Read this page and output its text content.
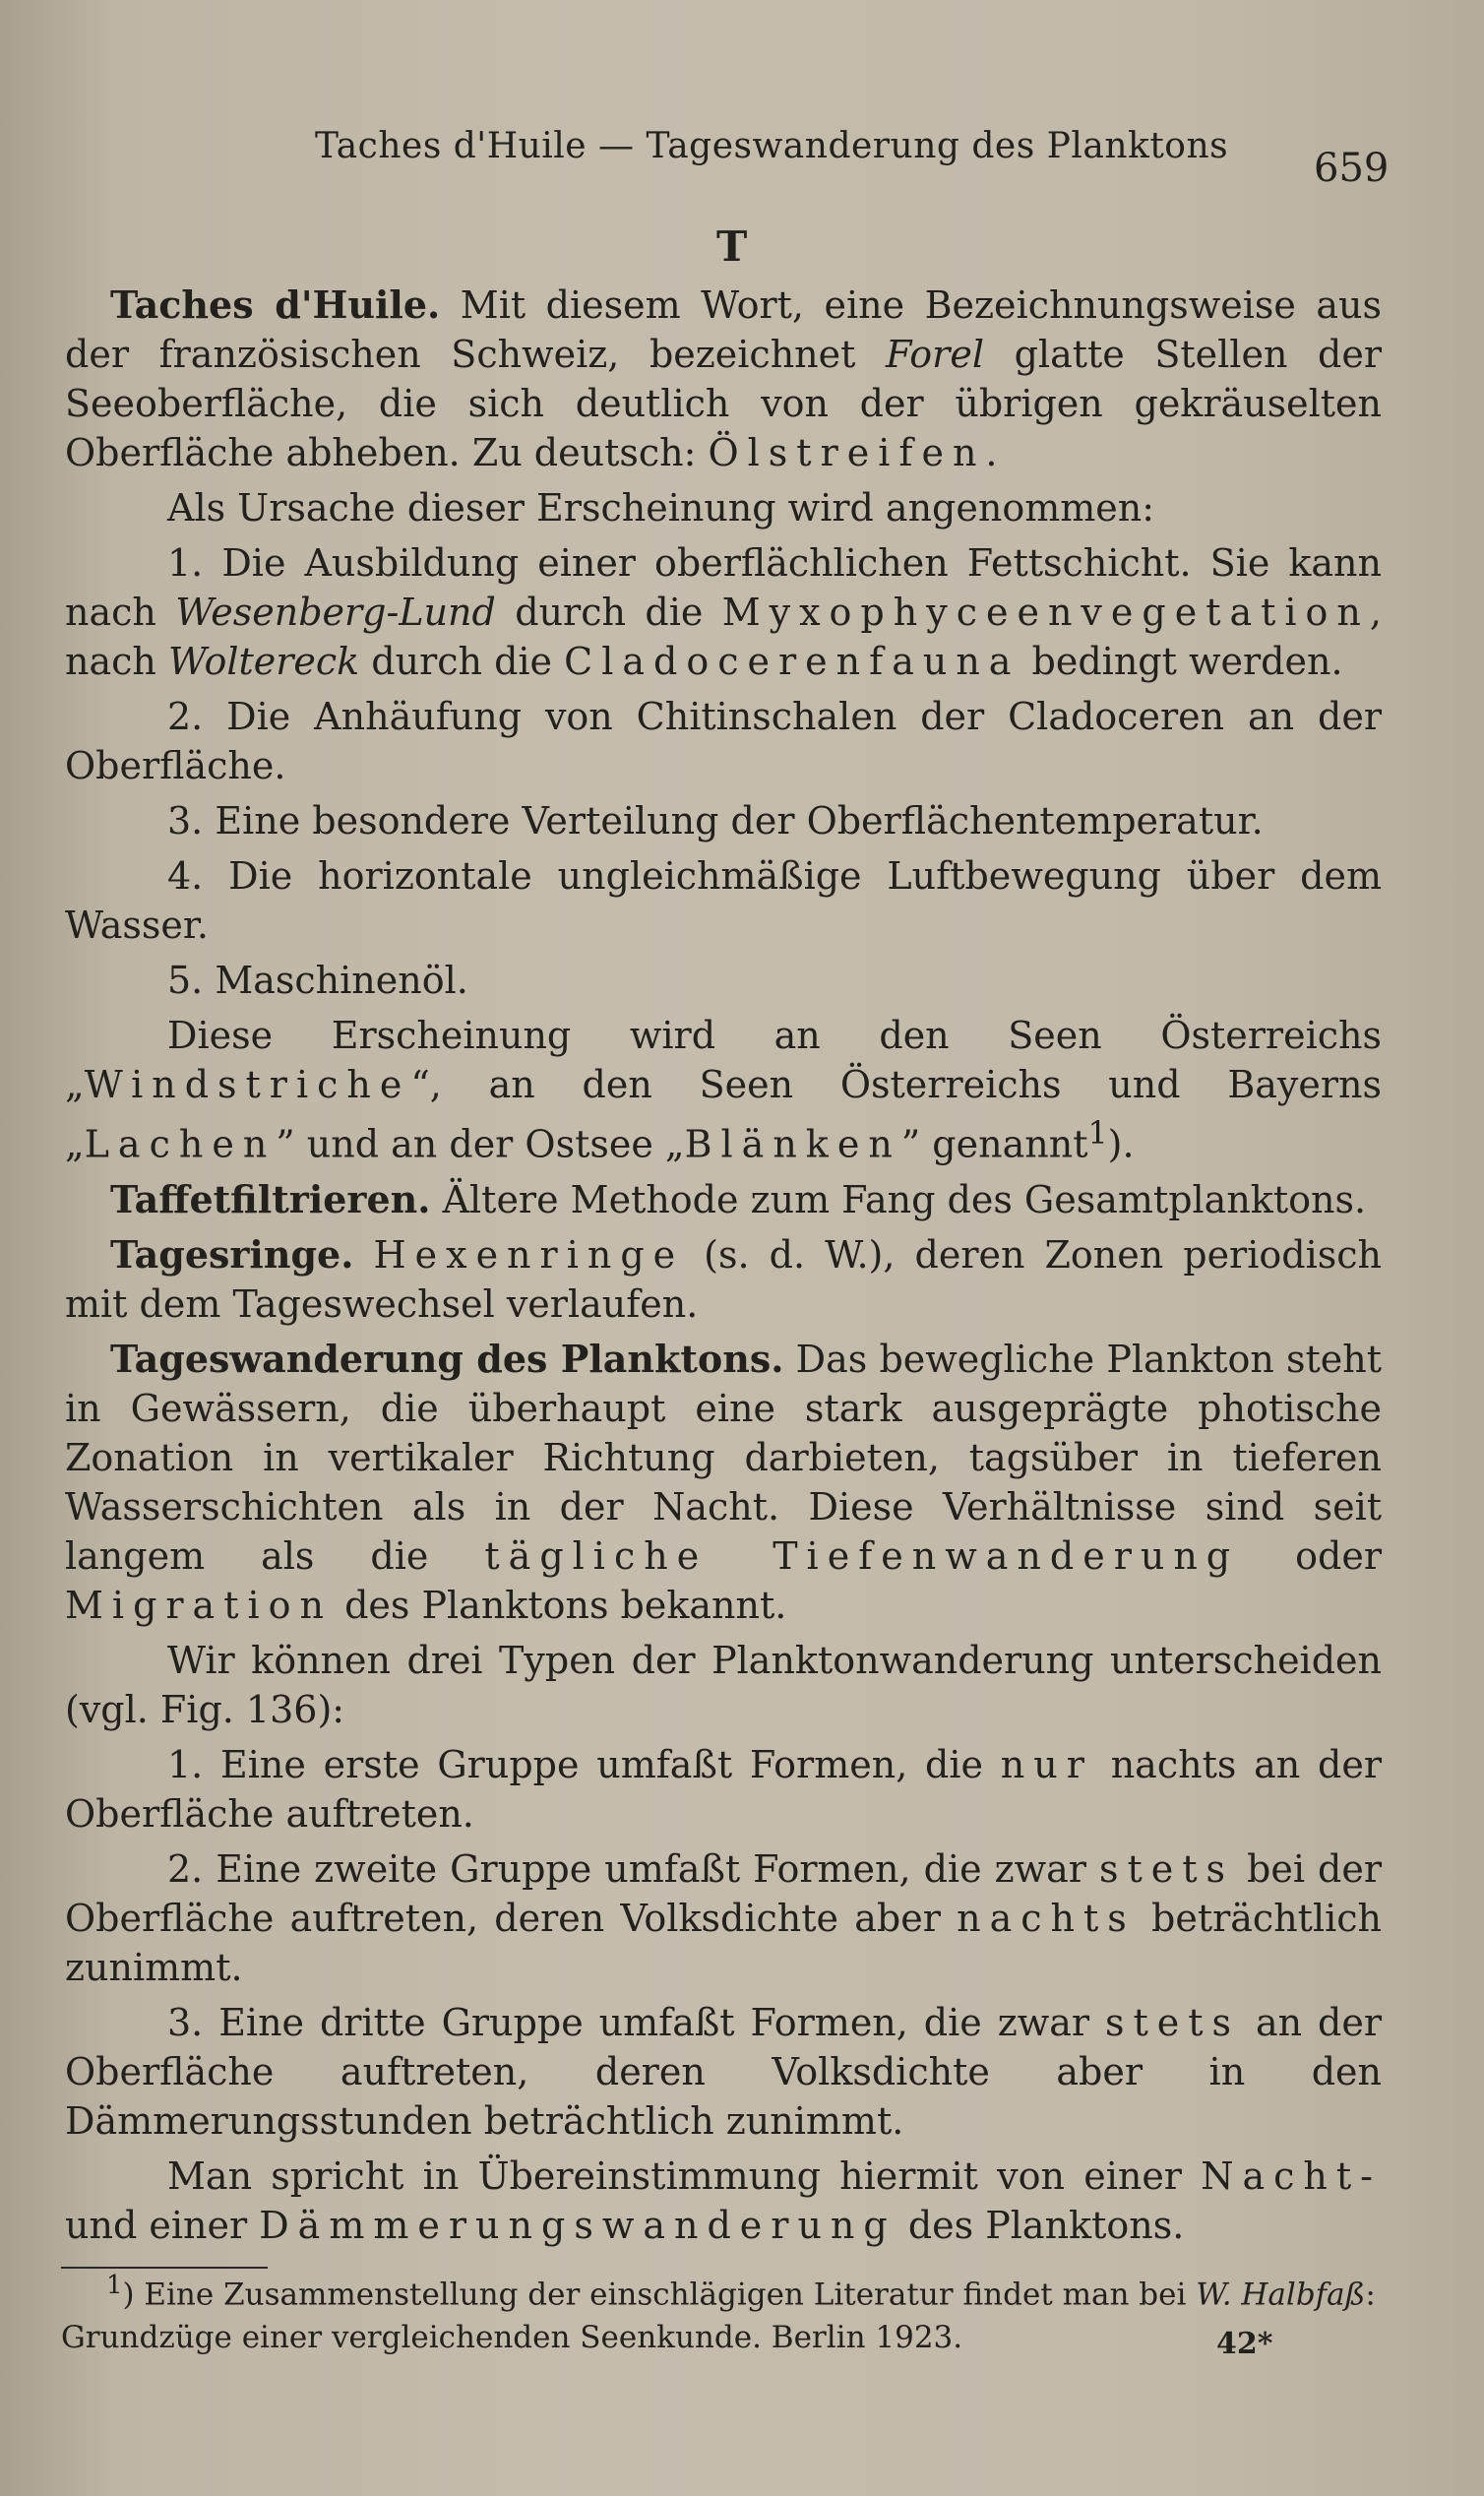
Taches d'Huile — Tageswanderung des Planktons 659
T

Taches d'Huile. Mit diesem Wort, eine Bezeichnungsweise aus der französischen Schweiz, bezeichnet Forel glatte Stellen der Seeoberfläche, die sich deutlich von der übrigen gekräuselten Oberfläche abheben. Zu deutsch: Ölstreifen.

Als Ursache dieser Erscheinung wird angenommen:

1. Die Ausbildung einer oberflächlichen Fettschicht. Sie kann nach Wesenberg-Lund durch die Myxophyceenvegetation, nach Woltereck durch die Cladocerenfauna bedingt werden.

2. Die Anhäufung von Chitinschalen der Cladoceren an der Oberfläche.

3. Eine besondere Verteilung der Oberflächentemperatur.

4. Die horizontale ungleichmäßige Luftbewegung über dem Wasser.

5. Maschinenöl.

Diese Erscheinung wird an den Seen Österreichs „Windstriche“, an den Seen Österreichs und Bayerns „Lachen” und an der Ostsee „Blänken” genannt$^1$).

Taffetfiltrieren. Ältere Methode zum Fang des Gesamtplanktons.

Tagesringe. Hexenringe (s. d. W.), deren Zonen periodisch mit dem Tageswechsel verlaufen.

Tageswanderung des Planktons. Das bewegliche Plankton steht in Gewässern, die überhaupt eine stark ausgeprägte photische Zonation in vertikaler Richtung darbieten, tagsüber in tieferen Wasserschichten als in der Nacht. Diese Verhältnisse sind seit langem als die tägliche Tiefenwanderung oder Migration des Planktons bekannt.

Wir können drei Typen der Planktonwanderung unterscheiden (vgl. Fig. 136):

1. Eine erste Gruppe umfaßt Formen, die nur nachts an der Oberfläche auftreten.

2. Eine zweite Gruppe umfaßt Formen, die zwar stets bei der Oberfläche auftreten, deren Volksdichte aber nachts beträchtlich zunimmt.

3. Eine dritte Gruppe umfaßt Formen, die zwar stets an der Oberfläche auftreten, deren Volksdichte aber in den Dämmerungsstunden beträchtlich zunimmt.

Man spricht in Übereinstimmung hiermit von einer Nacht- und einer Dämmerungswanderung des Planktons.

$^1$) Eine Zusammenstellung der einschlägigen Literatur findet man bei W. Halbfaß: Grundzüge einer vergleichenden Seenkunde. Berlin 1923.	42*
